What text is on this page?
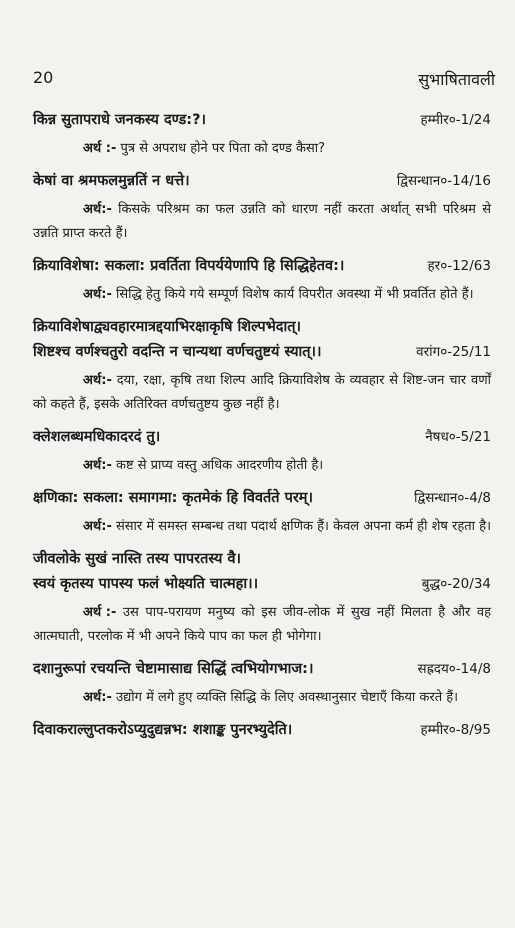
20	सुभाषितावली
किन्न सुतापराधे जनकस्य दण्ड:?।	हम्मीर०-1/24
अर्थ :- पुत्र से अपराध होने पर पिता को दण्ड कैसा?
केषां वा श्रमफलमुन्नतिं न धत्ते।	द्विसन्धान०-14/16
अर्थ:- किसके परिश्रम का फल उन्नति को धारण नहीं करता अर्थात् सभी परिश्रम से उन्नति प्राप्त करते हैं।
क्रियाविशेषा: सकला: प्रवर्तिता विपर्ययेणापि हि सिद्धिहेतव:।	हर०-12/63
अर्थ:- सिद्धि हेतु किये गये सम्पूर्ण विशेष कार्य विपरीत अवस्था में भी प्रवर्तित होते हैं।
क्रियाविशेषाद्व्यवहारमात्रद्दयाभिरक्षाकृषि शिल्पभेदात्।
शिष्टश्च वर्णश्चतुरो वदन्ति न चान्यथा वर्णचतुष्टयं स्यात्।।	वरांग०-25/11
अर्थ:- दया, रक्षा, कृषि तथा शिल्प आदि क्रियाविशेष के व्यवहार से शिष्ट-जन चार वर्णों को कहते हैं, इसके अतिरिक्त वर्णचतुष्टय कुछ नहीं है।
क्लेशलब्धमधिकादरदं तु।	नैषध०-5/21
अर्थ:- कष्ट से प्राप्य वस्तु अधिक आदरणीय होती है।
क्षणिका: सकला: समागमा: कृतमेकं हि विवर्तते परम्।	द्विसन्धान०-4/8
अर्थ:- संसार में समस्त सम्बन्ध तथा पदार्थ क्षणिक हैं। केवल अपना कर्म ही शेष रहता है।
जीवलोके सुखं नास्ति तस्य पापरतस्य वै।
स्वयं कृतस्य पापस्य फलं भोक्ष्यति चात्महा।।	बुद्ध०-20/34
अर्थ :- उस पाप-परायण मनुष्य को इस जीव-लोक में सुख नहीं मिलता है और वह आत्मघाती, परलोक में भी अपने किये पाप का फल ही भोगेगा।
दशानुरूपां रचयन्ति चेष्टामासाद्य सिद्धिं त्वभियोगभाज:।	सह्रदय०-14/8
अर्थ:- उद्योग में लगे हुए व्यक्ति सिद्धि के लिए अवस्थानुसार चेष्टाएँ किया करते हैं।
दिवाकराल्लुप्तकरोऽप्युदुद्यन्नभ: शशाङ्क पुनरभ्युदेति।	हम्मीर०-8/95
